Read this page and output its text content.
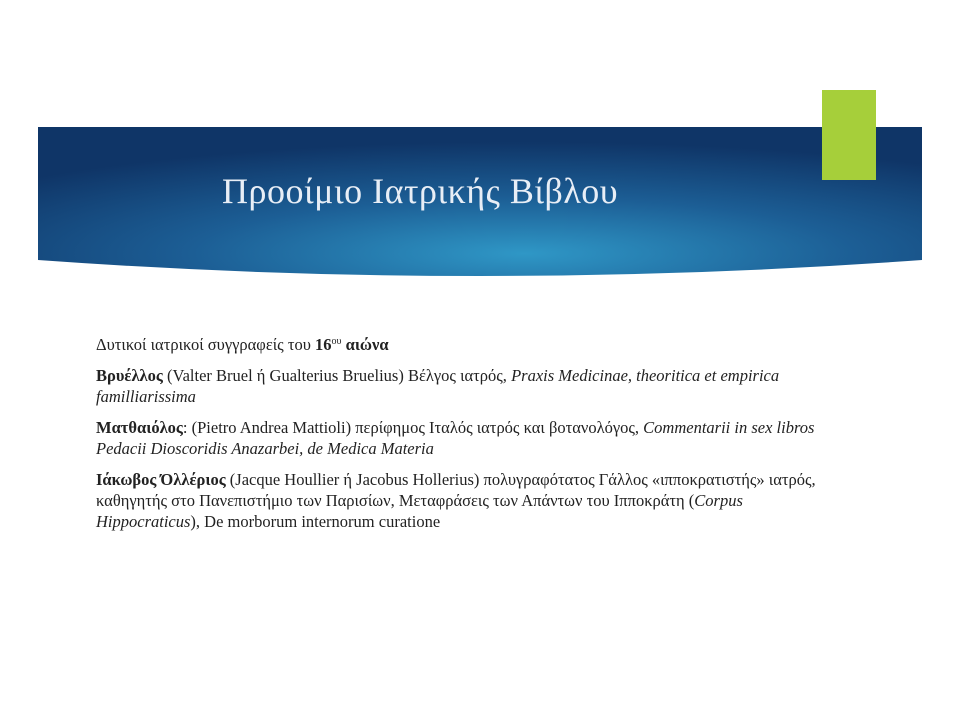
Προοίμιο Ιατρικής Βίβλου

Δυτικοί ιατρικοί συγγραφείς του $16^{o\upsilon}$ αιώνα

Βρυέλλος (Valter Bruel ή Gualterius Bruelius) Βέλγος ιατρός, Praxis Medicinae, theoritica et empirica familliarissima

Ματθαιόλος: (Pietro Andrea Mattioli) περίφημος Ιταλός ιατρός και βοτανολόγος, Commentarii in sex libros Pedacii Dioscoridis Anazarbei, de Medica Materia

Ιάκωβος Όλλέριος (Jacque Houllier ή Jacobus Hollerius) πολυγραφότατος Γάλλος «ιπποκρατιστής» ιατρός, καθηγητής στο Πανεπιστήμιο των Παρισίων, Μεταφράσεις των Απάντων του Ιπποκράτη (Corpus Hippocraticus), De morborum internorum curatione
